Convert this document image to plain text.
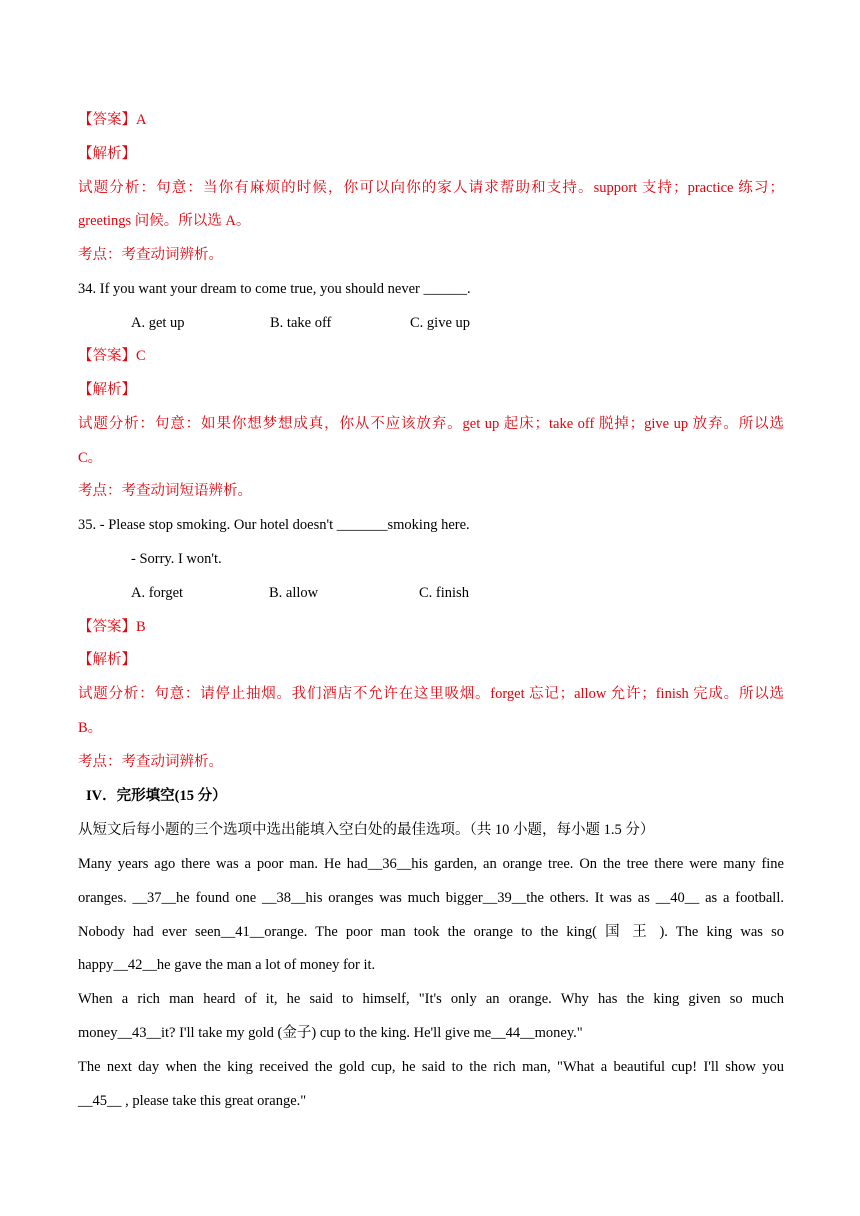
【答案】A
【解析】
试题分析：句意：当你有麻烦的时候，你可以向你的家人请求帮助和支持。support 支持；practice 练习；
greetings 问候。所以选 A。
考点：考查动词辨析。
34. If you want your dream to come true, you should never ______.
A. get up	B. take off	C. give up
【答案】C
【解析】
试题分析：句意：如果你想梦想成真，你从不应该放弃。get up 起床；take off 脱掉；give up 放弃。所以选
C。
考点：考查动词短语辨析。
35. - Please stop smoking. Our hotel doesn't _______smoking here.
- Sorry. I won't.
A. forget	B. allow	C. finish
【答案】B
【解析】
试题分析：句意：请停止抽烟。我们酒店不允许在这里吸烟。forget 忘记；allow 允许；finish 完成。所以选
B。
考点：考查动词辨析。
IV．完形填空(15 分）
从短文后每小题的三个选项中选出能填入空白处的最佳选项。（共 10 小题，每小题 1.5 分）
Many years ago there was a poor man. He had__36__his garden, an orange tree. On the tree there were many fine
oranges. __37__he found one __38__his oranges was much bigger__39__the others. It was as __40__ as a football.
Nobody had ever seen__41__orange. The poor man took the orange to the king( 国 王 ). The king was so
happy__42__he gave the man a lot of money for it.
When a rich man heard of it, he said to himself, "It's only an orange. Why has the king given so much
money__43__it? I'll take my gold (金子) cup to the king. He'll give me__44__money."
The next day when the king received the gold cup, he said to the rich man, "What a beautiful cup! I'll show you
__45__ , please take this great orange."
